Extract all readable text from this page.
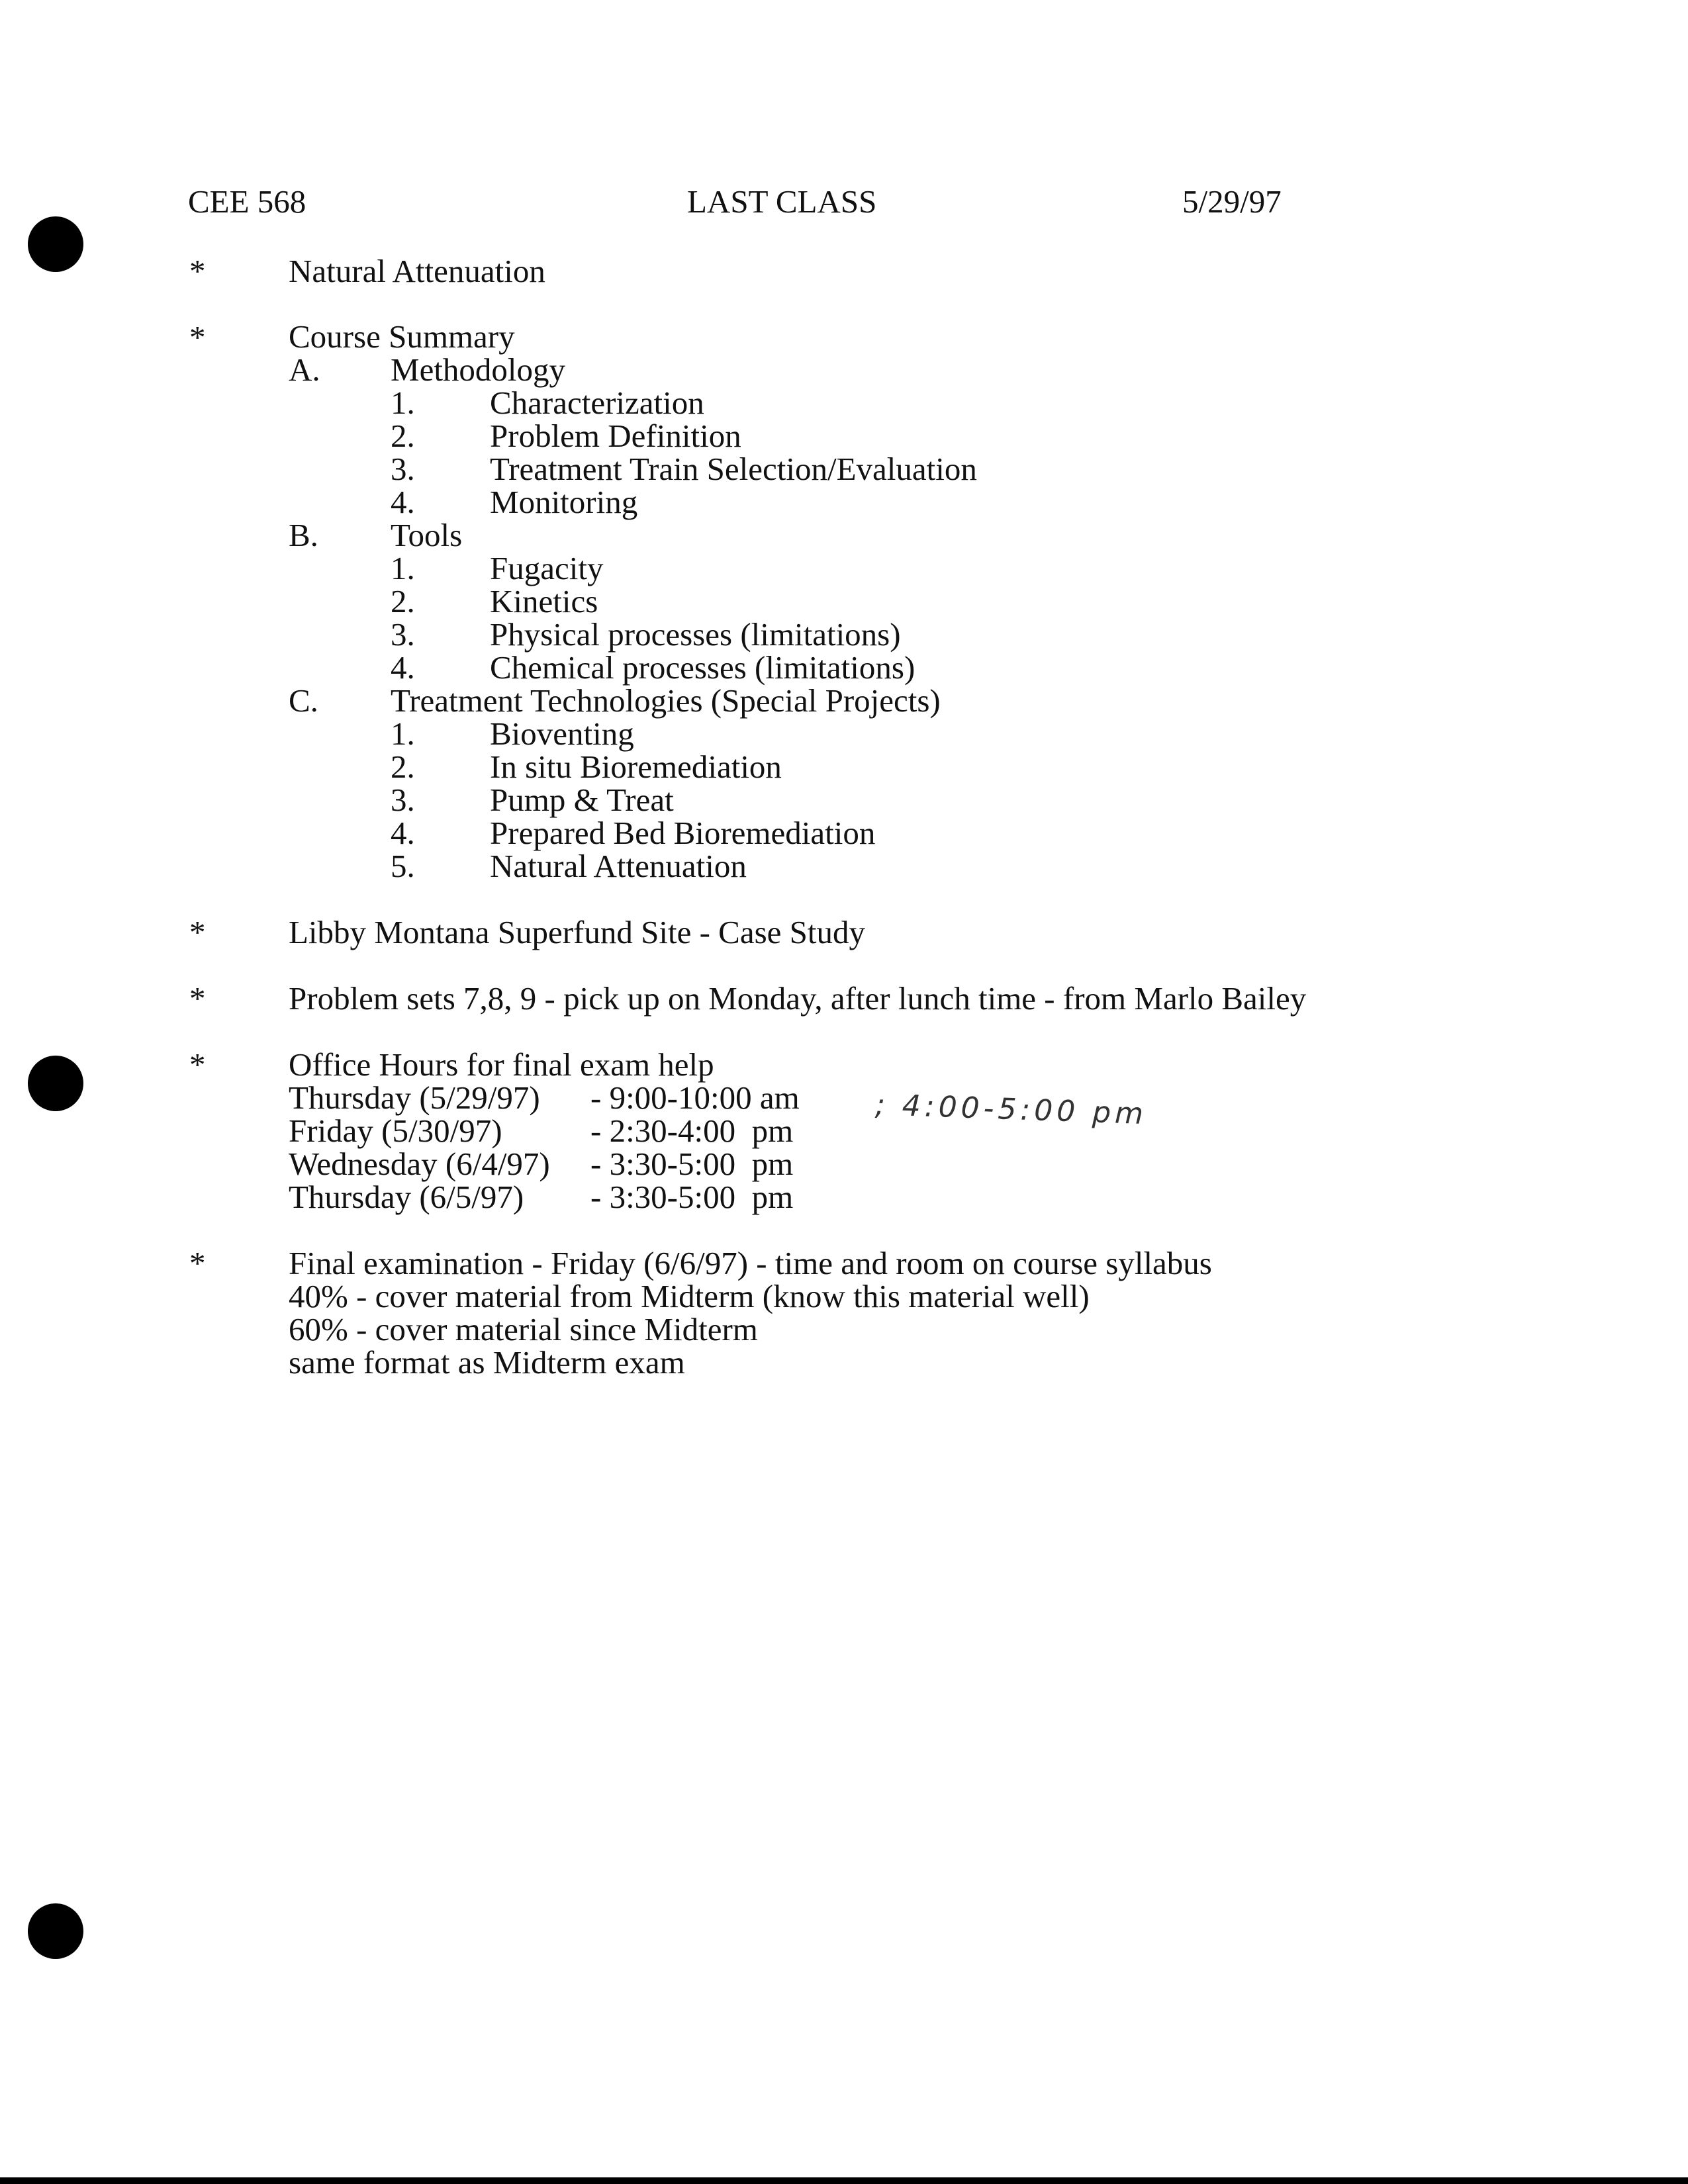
CEE 568	LAST CLASS	5/29/97
*	Natural Attenuation
*	Course Summary
A. Methodology
1. Characterization
2. Problem Definition
3. Treatment Train Selection/Evaluation
4. Monitoring
B. Tools
1. Fugacity
2. Kinetics
3. Physical processes (limitations)
4. Chemical processes (limitations)
C. Treatment Technologies (Special Projects)
1. Bioventing
2. In situ Bioremediation
3. Pump & Treat
4. Prepared Bed Bioremediation
5. Natural Attenuation
*	Libby Montana Superfund Site - Case Study
*	Problem sets 7,8, 9 - pick up on Monday, after lunch time - from Marlo Bailey
*	Office Hours for final exam help
Thursday (5/29/97) - 9:00-10:00 am
Friday (5/30/97)	- 2:30-4:00  pm
Wednesday (6/4/97) - 3:30-5:00  pm
Thursday (6/5/97) - 3:30-5:00  pm
; 4:00-5:00 pm
*	Final examination - Friday (6/6/97) - time and room on course syllabus
40% - cover material from Midterm (know this material well)
60% - cover material since Midterm
same format as Midterm exam
